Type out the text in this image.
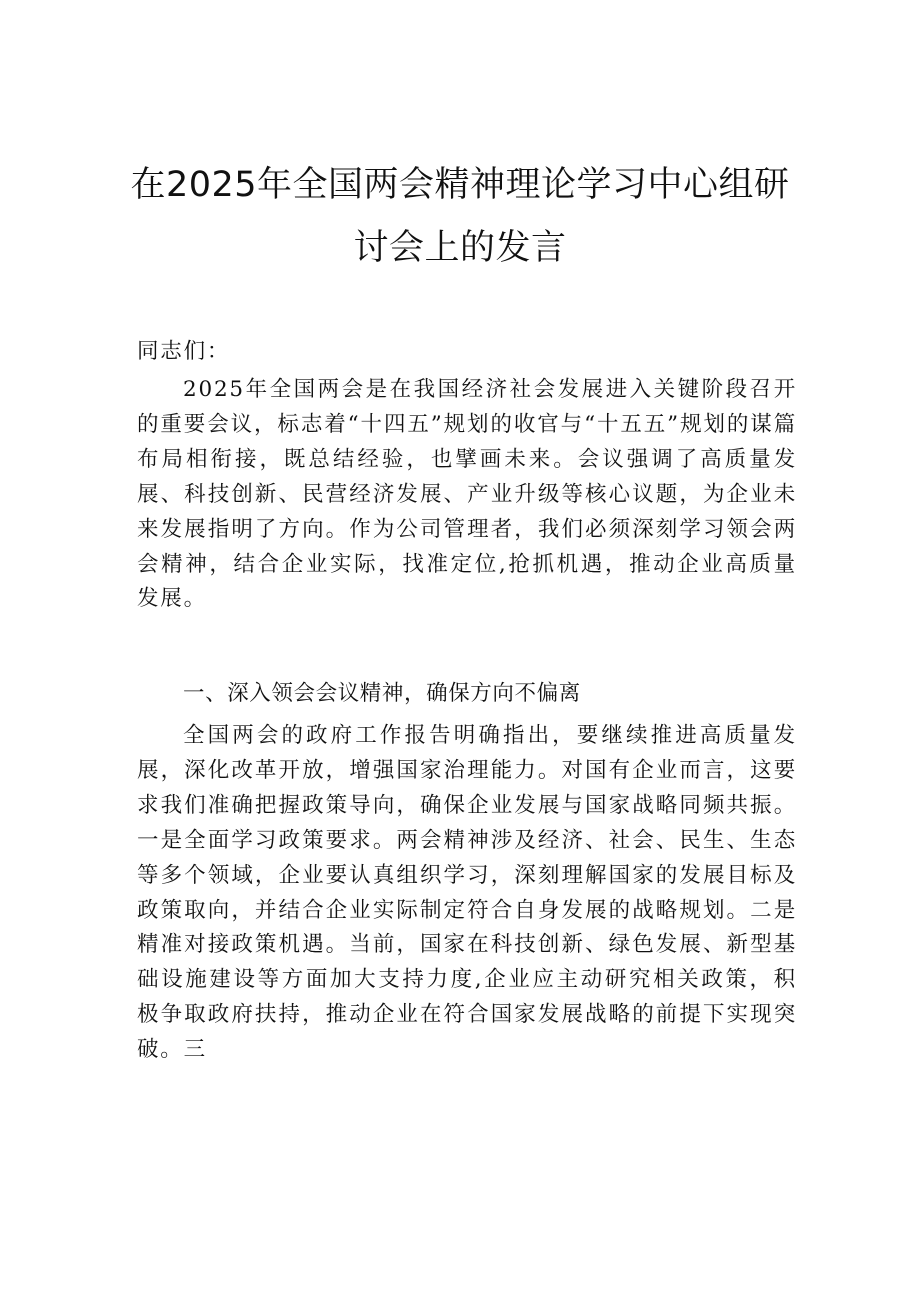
在2025年全国两会精神理论学习中心组研
讨会上的发言
同志们：
2025年全国两会是在我国经济社会发展进入关键阶段召开的重要会议，标志着“十四五”规划的收官与“十五五”规划的谋篇布局相衔接，既总结经验，也擘画未来。会议强调了高质量发展、科技创新、民营经济发展、产业升级等核心议题，为企业未来发展指明了方向。作为公司管理者，我们必须深刻学习领会两会精神，结合企业实际，找准定位,抢抓机遇，推动企业高质量发展。
一、深入领会会议精神，确保方向不偏离
全国两会的政府工作报告明确指出，要继续推进高质量发展，深化改革开放，增强国家治理能力。对国有企业而言，这要求我们准确把握政策导向，确保企业发展与国家战略同频共振。一是全面学习政策要求。两会精神涉及经济、社会、民生、生态等多个领域，企业要认真组织学习，深刻理解国家的发展目标及政策取向，并结合企业实际制定符合自身发展的战略规划。二是精准对接政策机遇。当前，国家在科技创新、绿色发展、新型基础设施建设等方面加大支持力度,企业应主动研究相关政策，积极争取政府扶持，推动企业在符合国家发展战略的前提下实现突破。三
